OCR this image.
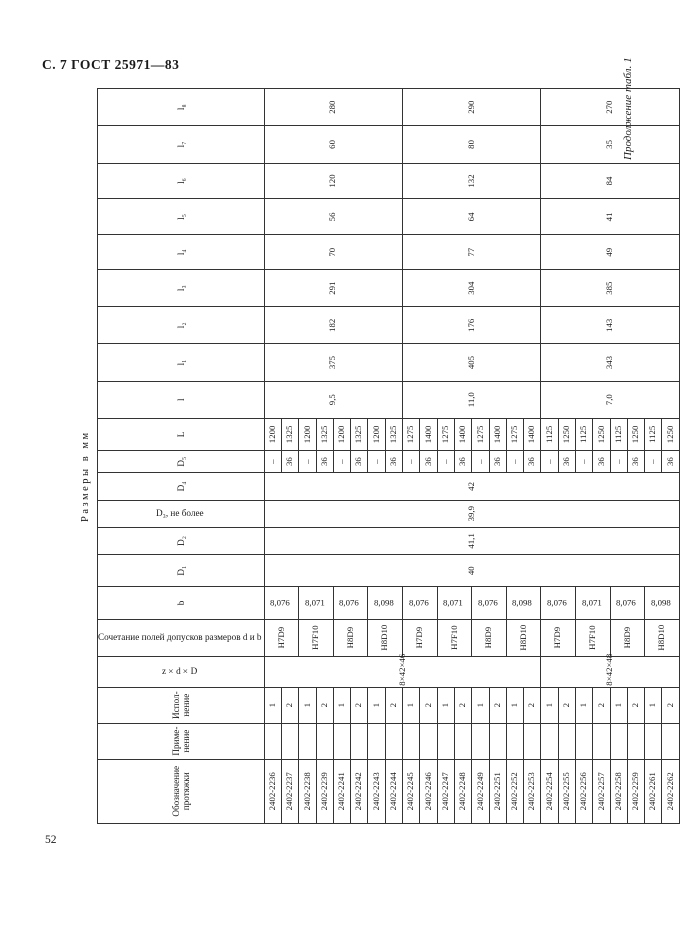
С. 7 ГОСТ 25971—83	Продолжение табл. 1
Размеры в мм
52
Обозначение протяжки	Применение	Исполнение	z×d×D	Сочетание полей допусков размеров d и b	b	D₁	D₂	D₃, не более	D₄	D₅	L	l	l₁	l₂	l₃	l₄	l₅	l₆	l₇	l₈
2402-2236		1	8×42×46	H7D9	8,076	40	41,1	39,9	42	–	1200	9,5	375	182	291	70	56	120	60	280
2402-2237		2								36	1325									
2402-2238		1		H7F10	8,071					–	1200									
2402-2239		2								36	1325									
2402-2241		1		H8D9	8,076					–	1200									
2402-2242		2								36	1325									
2402-2243		1		H8D10	8,098					–	1200									
2402-2244		2								36	1325									
2402-2245		1		H7D9	8,076					–	1275	11,0	405	176	304	77	64	132	80	290
2402-2246		2								36	1400									
2402-2247		1		H7F10	8,071					–	1275									
2402-2248		2								36	1400									
2402-2249		1		H8D9	8,076					–	1275									
2402-2251		2								36	1400									
2402-2252		1		H8D10	8,098					–	1275									
2402-2253		2								36	1400									
2402-2254		1	8×42×48	H7D9	8,076					–	1125	7,0	343	143	385	49	41	84	35	270
2402-2255		2								36	1250									
2402-2256		1		H7F10	8,071					–	1125									
2402-2257		2								36	1250									
2402-2258		1		H8D9	8,076					–	1125									
2402-2259		2								36	1250									
2402-2261		1		H8D10	8,098					–	1125									
2402-2262		2								36	1250									
